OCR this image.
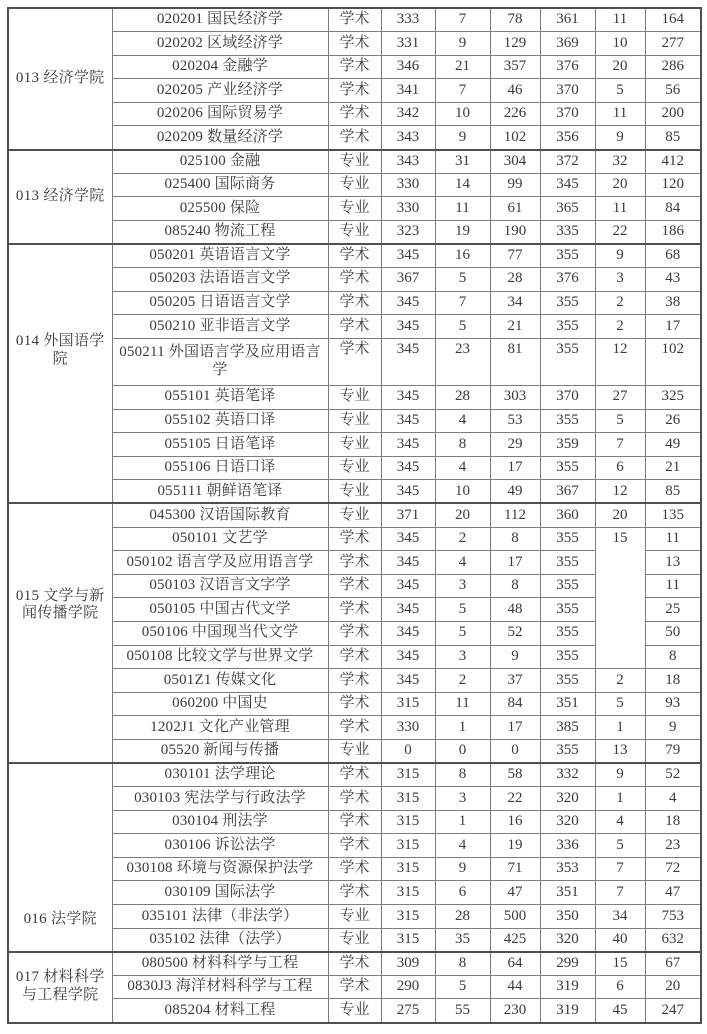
013 经济学院	020201 国民经济学	学术	333	7	78	361	11	164
	020202 区域经济学	学术	331	9	129	369	10	277
	020204 金融学	学术	346	21	357	376	20	286
	020205 产业经济学	学术	341	7	46	370	5	56
	020206 国际贸易学	学术	342	10	226	370	11	200
	020209 数量经济学	学术	343	9	102	356	9	85
013 经济学院	025100 金融	专业	343	31	304	372	32	412
	025400 国际商务	专业	330	14	99	345	20	120
	025500 保险	专业	330	11	61	365	11	84
	085240 物流工程	专业	323	19	190	335	22	186
014 外国语学院	050201 英语语言文学	学术	345	16	77	355	9	68
	050203 法语语言文学	学术	367	5	28	376	3	43
	050205 日语语言文学	学术	345	7	34	355	2	38
	050210 亚非语言文学	学术	345	5	21	355	2	17
	050211 外国语言学及应用语言学	学术	345	23	81	355	12	102
	055101 英语笔译	专业	345	28	303	370	27	325
	055102 英语口译	专业	345	4	53	355	5	26
	055105 日语笔译	专业	345	8	29	359	7	49
	055106 日语口译	专业	345	4	17	355	6	21
	055111 朝鲜语笔译	专业	345	10	49	367	12	85
015 文学与新闻传播学院	045300 汉语国际教育	专业	371	20	112	360	20	135
	050101 文艺学	学术	345	2	8	355	15	11
	050102 语言学及应用语言学	学术	345	4	17	355		13
	050103 汉语言文字学	学术	345	3	8	355		11
	050105 中国古代文学	学术	345	5	48	355		25
	050106 中国现当代文学	学术	345	5	52	355		50
	050108 比较文学与世界文学	学术	345	3	9	355		8
	0501Z1 传媒文化	学术	345	2	37	355	2	18
	060200 中国史	学术	315	11	84	351	5	93
	1202J1 文化产业管理	学术	330	1	17	385	1	9
	05520 新闻与传播	专业	0	0	0	355	13	79
016 法学院	030101 法学理论	学术	315	8	58	332	9	52
	030103 宪法学与行政法学	学术	315	3	22	320	1	4
	030104 刑法学	学术	315	1	16	320	4	18
	030106 诉讼法学	学术	315	4	19	336	5	23
	030108 环境与资源保护法学	学术	315	9	71	353	7	72
	030109 国际法学	学术	315	6	47	351	7	47
	035101 法律（非法学）	专业	315	28	500	350	34	753
	035102 法律（法学）	专业	315	35	425	320	40	632
017 材料科学与工程学院	080500 材料科学与工程	学术	309	8	64	299	15	67
	0830J3 海洋材料科学与工程	学术	290	5	44	319	6	20
	085204 材料工程	专业	275	55	230	319	45	247
